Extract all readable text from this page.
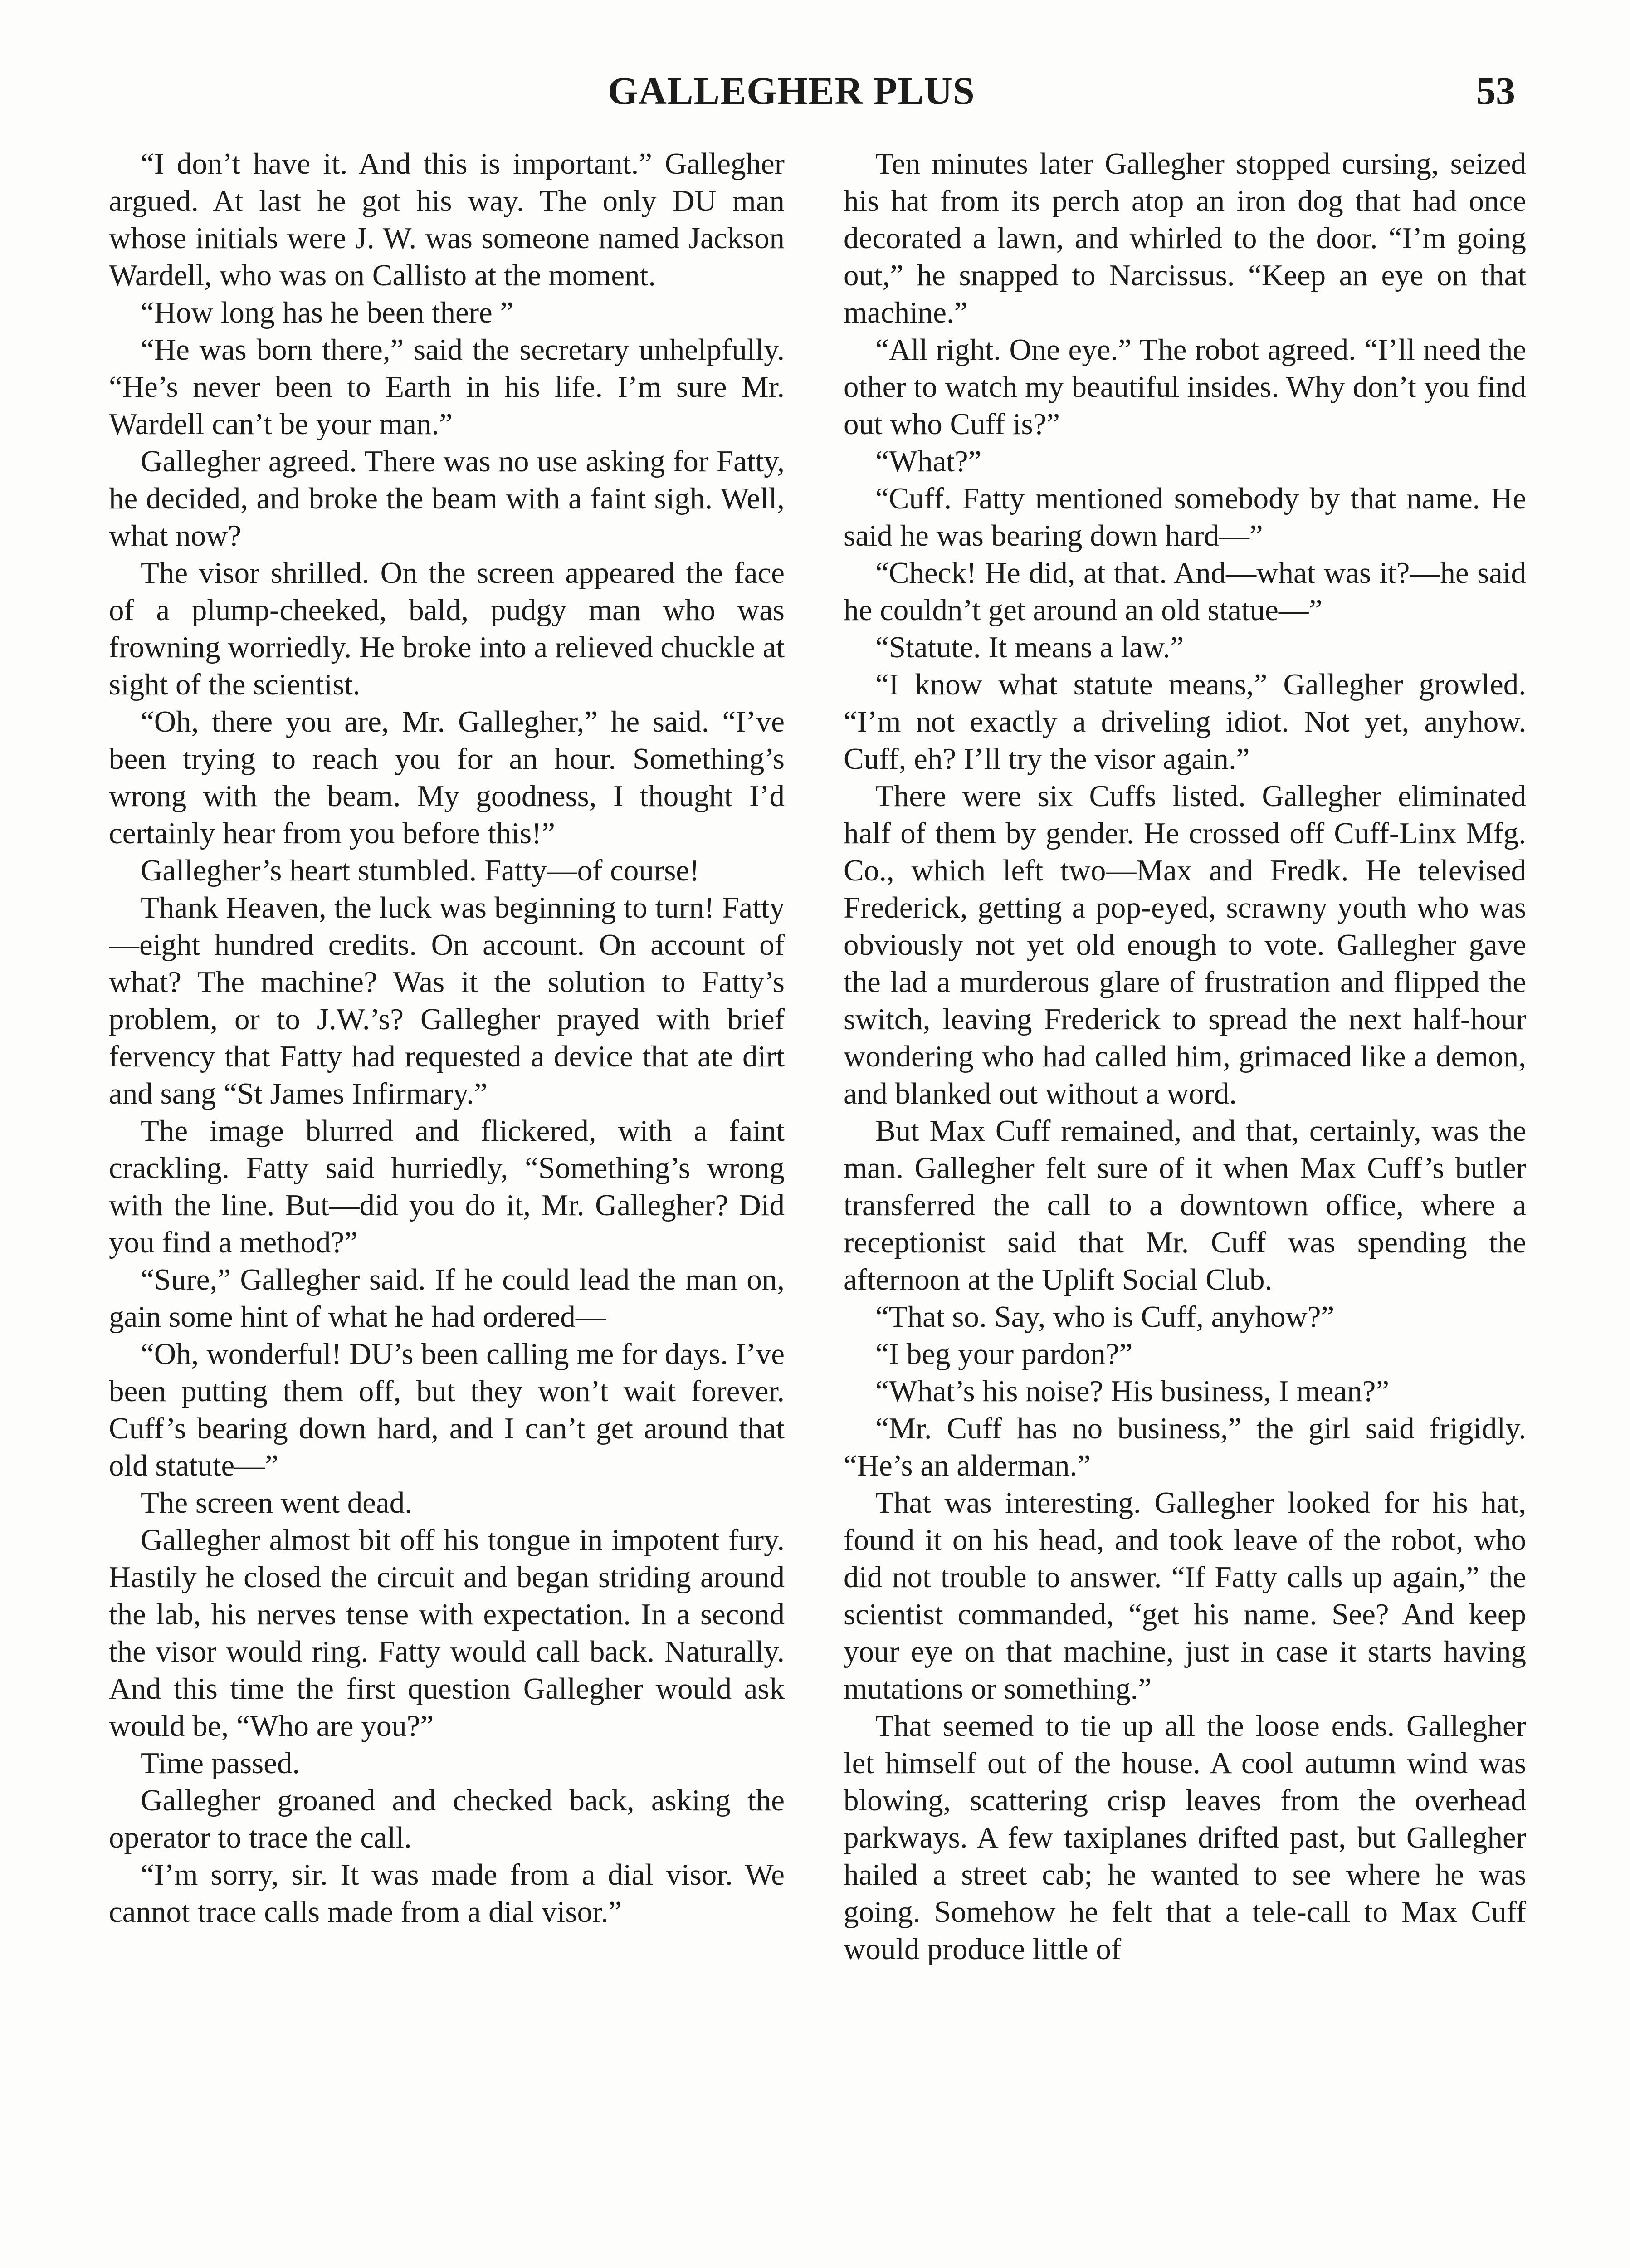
GALLEGHER PLUS	53

“I don’t have it. And this is important.” Gallegher argued. At last he got his way. The only DU man whose initials were J. W. was someone named Jackson Wardell, who was on Callisto at the moment.

“How long has he been there ”

“He was born there,” said the secretary unhelpfully. “He’s never been to Earth in his life. I’m sure Mr. Wardell can’t be your man.”

Gallegher agreed. There was no use asking for Fatty, he decided, and broke the beam with a faint sigh. Well, what now?

The visor shrilled. On the screen appeared the face of a plump-cheeked, bald, pudgy man who was frowning worriedly. He broke into a relieved chuckle at sight of the scientist.

“Oh, there you are, Mr. Gallegher,” he said. “I’ve been trying to reach you for an hour. Something’s wrong with the beam. My goodness, I thought I’d certainly hear from you before this!”

Gallegher’s heart stumbled. Fatty—of course!

Thank Heaven, the luck was beginning to turn! Fatty—eight hundred credits. On account. On account of what? The machine? Was it the solution to Fatty’s problem, or to J.W.’s? Gallegher prayed with brief fervency that Fatty had requested a device that ate dirt and sang “St James Infirmary.”

The image blurred and flickered, with a faint crackling. Fatty said hurriedly, “Something’s wrong with the line. But—did you do it, Mr. Gallegher? Did you find a method?”

“Sure,” Gallegher said. If he could lead the man on, gain some hint of what he had ordered—

“Oh, wonderful! DU’s been calling me for days. I’ve been putting them off, but they won’t wait forever. Cuff’s bearing down hard, and I can’t get around that old statute—”

The screen went dead.

Gallegher almost bit off his tongue in impotent fury. Hastily he closed the circuit and began striding around the lab, his nerves tense with expectation. In a second the visor would ring. Fatty would call back. Naturally. And this time the first question Gallegher would ask would be, “Who are you?”

Time passed.

Gallegher groaned and checked back, asking the operator to trace the call.

“I’m sorry, sir. It was made from a dial visor. We cannot trace calls made from a dial visor.”

Ten minutes later Gallegher stopped cursing, seized his hat from its perch atop an iron dog that had once decorated a lawn, and whirled to the door. “I’m going out,” he snapped to Narcissus. “Keep an eye on that machine.”

“All right. One eye.” The robot agreed. “I’ll need the other to watch my beautiful insides. Why don’t you find out who Cuff is?”

“What?”

“Cuff. Fatty mentioned somebody by that name. He said he was bearing down hard—”

“Check! He did, at that. And—what was it?—he said he couldn’t get around an old statue—”

“Statute. It means a law.”

“I know what statute means,” Gallegher growled. “I’m not exactly a driveling idiot. Not yet, anyhow. Cuff, eh? I’ll try the visor again.”

There were six Cuffs listed. Gallegher eliminated half of them by gender. He crossed off Cuff-Linx Mfg. Co., which left two—Max and Fredk. He televised Frederick, getting a pop-eyed, scrawny youth who was obviously not yet old enough to vote. Gallegher gave the lad a murderous glare of frustration and flipped the switch, leaving Frederick to spread the next half-hour wondering who had called him, grimaced like a demon, and blanked out without a word.

But Max Cuff remained, and that, certainly, was the man. Gallegher felt sure of it when Max Cuff’s butler transferred the call to a downtown office, where a receptionist said that Mr. Cuff was spending the afternoon at the Uplift Social Club.

“That so. Say, who is Cuff, anyhow?”

“I beg your pardon?”

“What’s his noise? His business, I mean?”

“Mr. Cuff has no business,” the girl said frigidly. “He’s an alderman.”

That was interesting. Gallegher looked for his hat, found it on his head, and took leave of the robot, who did not trouble to answer. “If Fatty calls up again,” the scientist commanded, “get his name. See? And keep your eye on that machine, just in case it starts having mutations or something.”

That seemed to tie up all the loose ends. Gallegher let himself out of the house. A cool autumn wind was blowing, scattering crisp leaves from the overhead parkways. A few taxiplanes drifted past, but Gallegher hailed a street cab; he wanted to see where he was going. Somehow he felt that a tele-call to Max Cuff would produce little of
